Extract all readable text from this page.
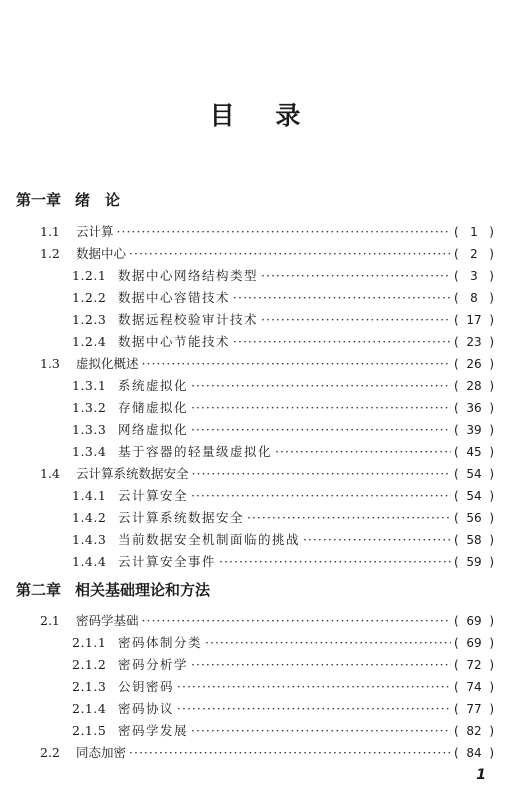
目 录
第一章 绪　论
1.1	云计算 ·····	( 1 )
1.2	数据中心 ·····	( 2 )
1.2.1 数据中心网络结构类型 ·····	( 3 )
1.2.2 数据中心容错技术 ·····	( 8 )
1.2.3 数据远程校验审计技术 ·····	( 17 )
1.2.4 数据中心节能技术 ·····	( 23 )
1.3	虚拟化概述 ·····	( 26 )
1.3.1 系统虚拟化 ·····	( 28 )
1.3.2 存储虚拟化 ·····	( 36 )
1.3.3 网络虚拟化 ·····	( 39 )
1.3.4 基于容器的轻量级虚拟化 ·····	( 45 )
1.4	云计算系统数据安全 ·····	( 54 )
1.4.1 云计算安全 ·····	( 54 )
1.4.2 云计算系统数据安全 ·····	( 56 )
1.4.3 当前数据安全机制面临的挑战 ·····	( 58 )
1.4.4 云计算安全事件 ·····	( 59 )
第二章 相关基础理论和方法
2.1	密码学基础 ·····	( 69 )
2.1.1 密码体制分类 ·····	( 69 )
2.1.2 密码分析学 ·····	( 72 )
2.1.3 公钥密码 ·····	( 74 )
2.1.4 密码协议 ·····	( 77 )
2.1.5 密码学发展 ·····	( 82 )
2.2	同态加密 ·····	( 84 )
1
